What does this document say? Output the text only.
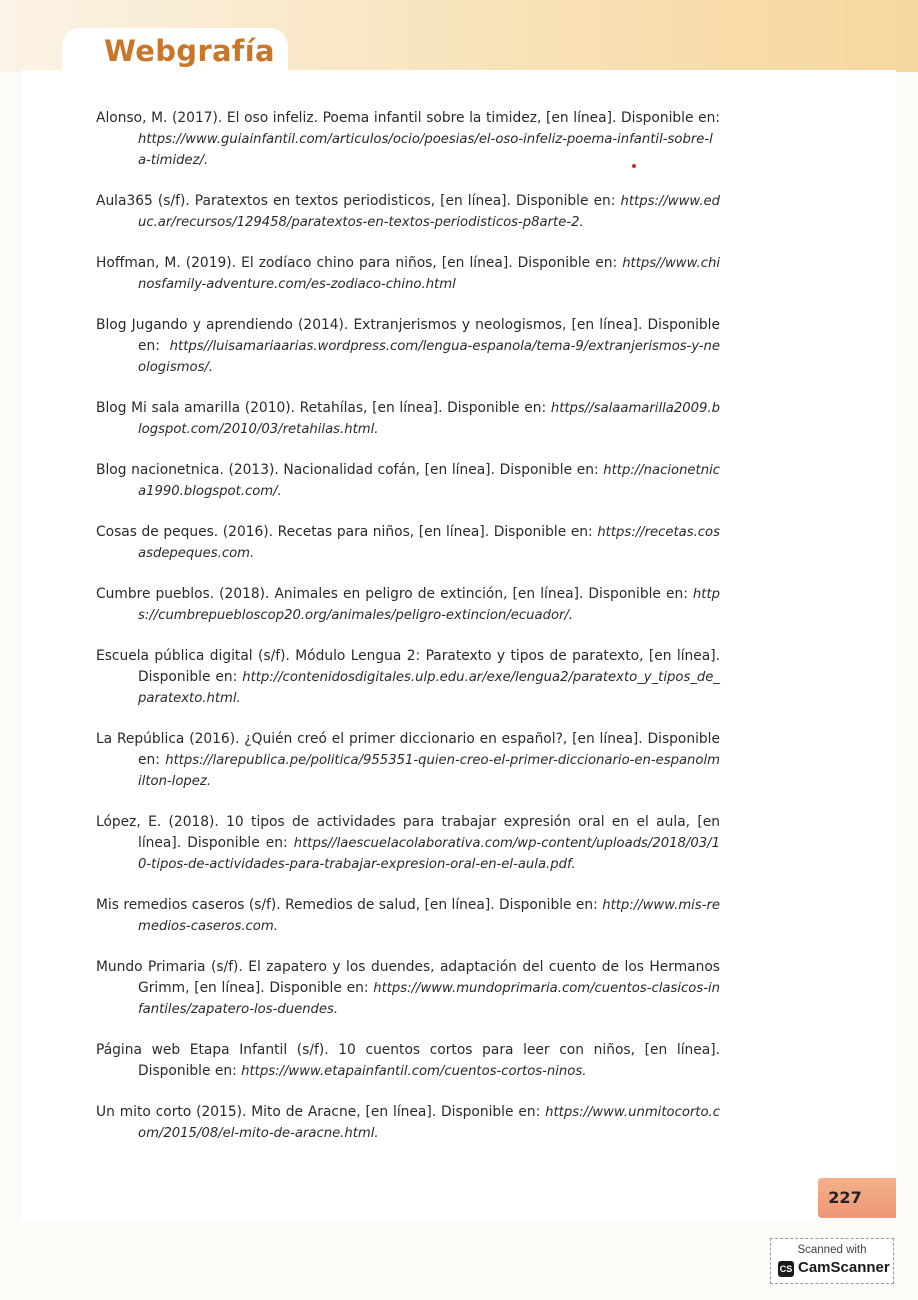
Webgrafía
Alonso, M. (2017). El oso infeliz. Poema infantil sobre la timidez, [en línea]. Disponible en: https://www.guiainfantil.com/articulos/ocio/poesias/el-oso-infeliz-poema-infantil-sobre-la-timidez/.
Aula365 (s/f). Paratextos en textos periodisticos, [en línea]. Disponible en: https://www.educ.ar/recursos/129458/paratextos-en-textos-periodisticos-p8arte-2.
Hoffman, M. (2019). El zodíaco chino para niños, [en línea]. Disponible en: https//www.chinosfamily-adventure.com/es-zodiaco-chino.html
Blog Jugando y aprendiendo (2014). Extranjerismos y neologismos, [en línea]. Disponible en: https//luisamariaarias.wordpress.com/lengua-espanola/tema-9/extranjerismos-y-neologismos/.
Blog Mi sala amarilla (2010). Retahílas, [en línea]. Disponible en: https//salaamarilla2009.blogspot.com/2010/03/retahilas.html.
Blog nacionetnica. (2013). Nacionalidad cofán, [en línea]. Disponible en: http://nacionetnica1990.blogspot.com/.
Cosas de peques. (2016). Recetas para niños, [en línea]. Disponible en: https://recetas.cosasdepeques.com.
Cumbre pueblos. (2018). Animales en peligro de extinción, [en línea]. Disponible en: https://cumbrepuebloscop20.org/animales/peligro-extincion/ecuador/.
Escuela pública digital (s/f). Módulo Lengua 2: Paratexto y tipos de paratexto, [en línea]. Disponible en: http://contenidosdigitales.ulp.edu.ar/exe/lengua2/paratexto_y_tipos_de_paratexto.html.
La República (2016). ¿Quién creó el primer diccionario en español?, [en línea]. Disponible en: https://larepublica.pe/politica/955351-quien-creo-el-primer-diccionario-en-espanolmilton-lopez.
López, E. (2018). 10 tipos de actividades para trabajar expresión oral en el aula, [en línea]. Disponible en: https//laescuelacolaborativa.com/wp-content/uploads/2018/03/10-tipos-de-actividades-para-trabajar-expresion-oral-en-el-aula.pdf.
Mis remedios caseros (s/f). Remedios de salud, [en línea]. Disponible en: http://www.mis-remedios-caseros.com.
Mundo Primaria (s/f). El zapatero y los duendes, adaptación del cuento de los Hermanos Grimm, [en línea]. Disponible en: https://www.mundoprimaria.com/cuentos-clasicos-infantiles/zapatero-los-duendes.
Página web Etapa Infantil (s/f). 10 cuentos cortos para leer con niños, [en línea]. Disponible en: https://www.etapainfantil.com/cuentos-cortos-ninos.
Un mito corto (2015). Mito de Aracne, [en línea]. Disponible en: https://www.unmitocorto.com/2015/08/el-mito-de-aracne.html.
227
Scanned with
CS CamScanner
